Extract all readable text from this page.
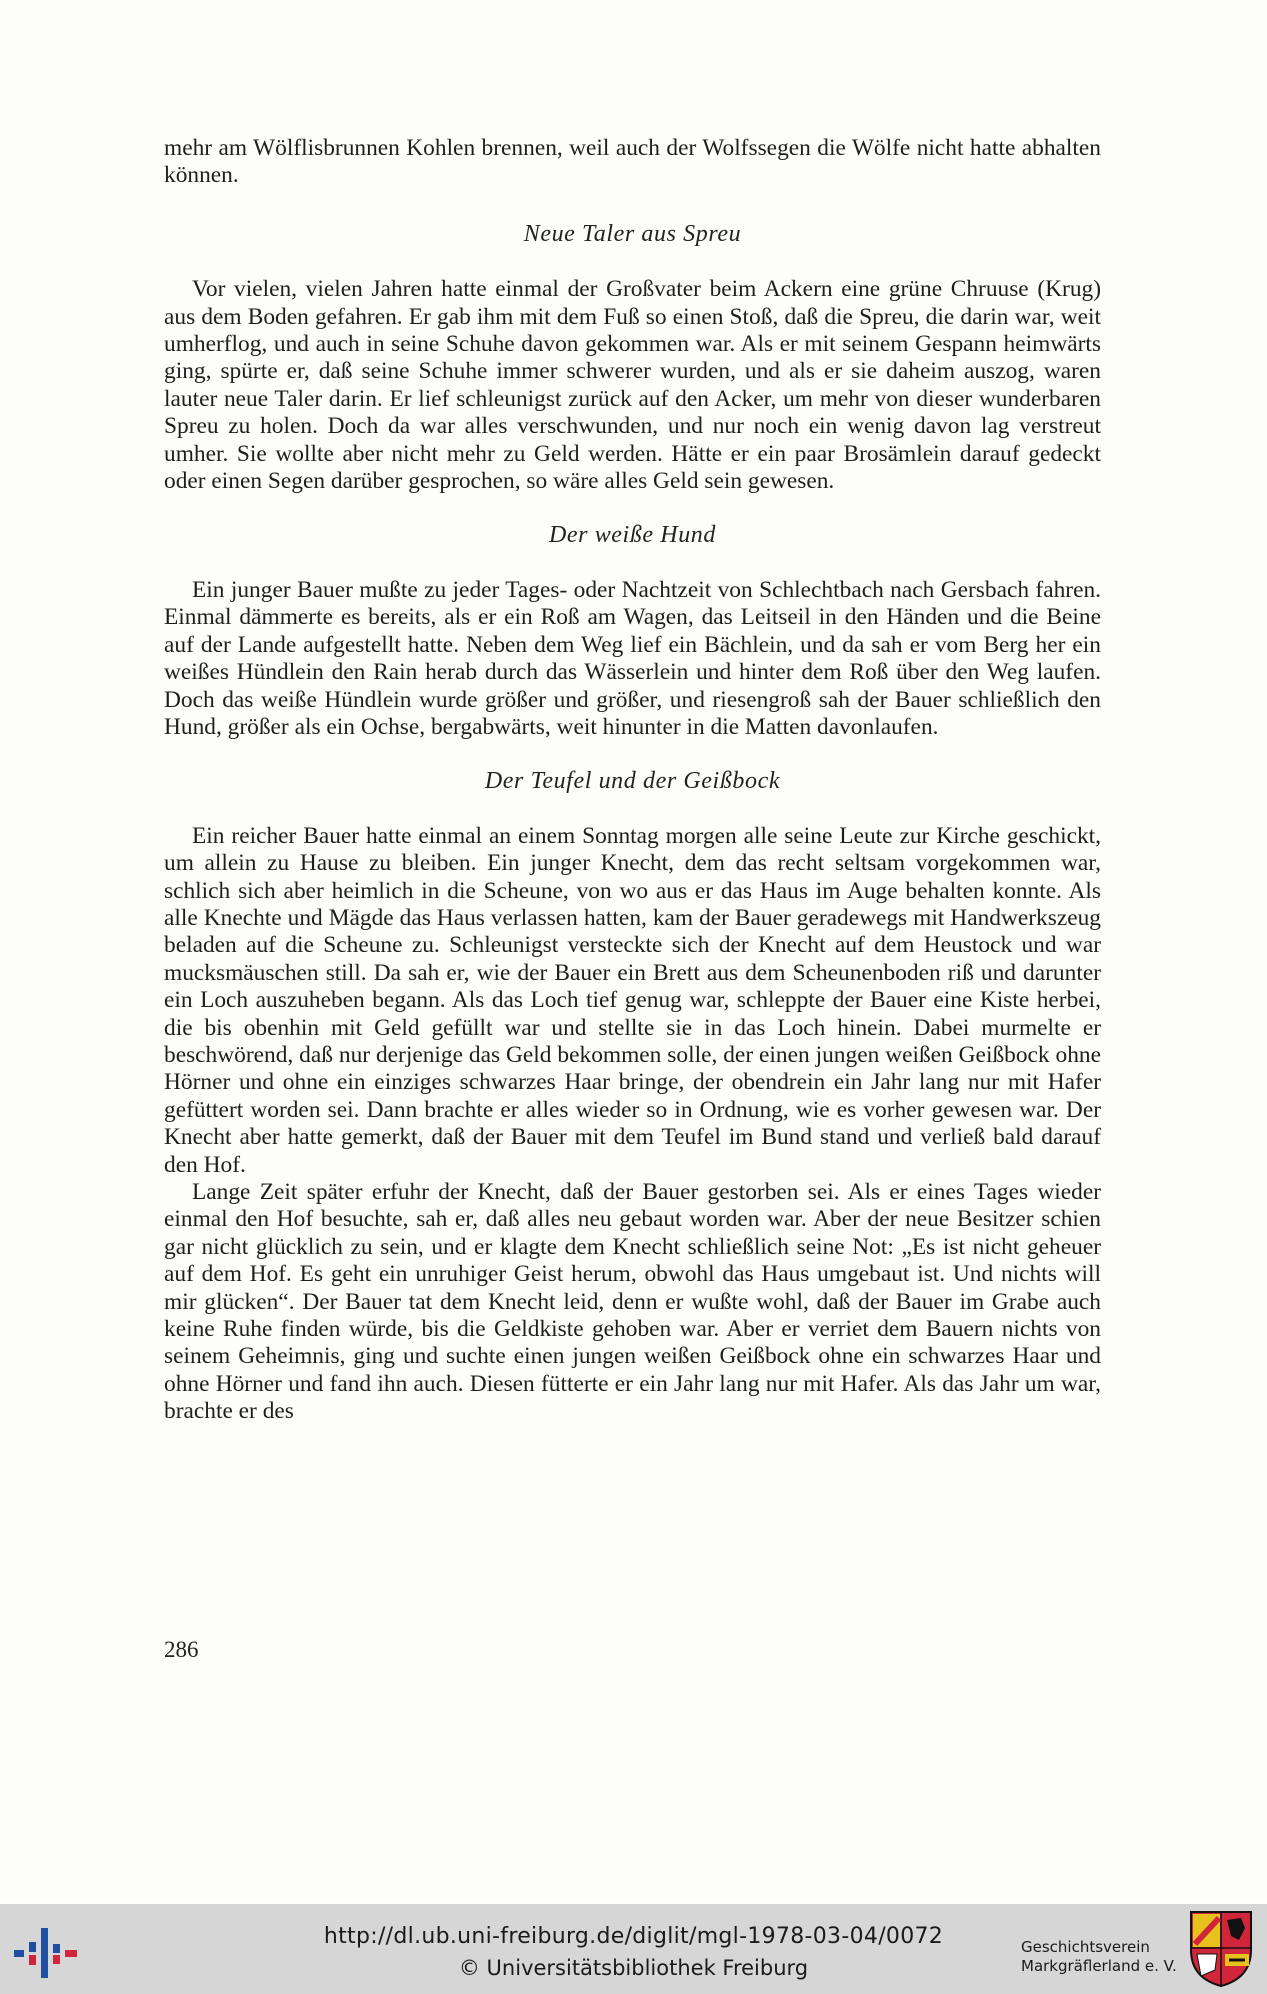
mehr am Wölflisbrunnen Kohlen brennen, weil auch der Wolfssegen die Wölfe nicht hatte abhalten können.

Neue Taler aus Spreu

Vor vielen, vielen Jahren hatte einmal der Großvater beim Ackern eine grüne Chruuse (Krug) aus dem Boden gefahren. Er gab ihm mit dem Fuß so einen Stoß, daß die Spreu, die darin war, weit umherflog, und auch in seine Schuhe davon gekommen war. Als er mit seinem Gespann heimwärts ging, spürte er, daß seine Schuhe immer schwerer wurden, und als er sie daheim auszog, waren lauter neue Taler darin. Er lief schleunigst zurück auf den Acker, um mehr von dieser wunderbaren Spreu zu holen. Doch da war alles verschwunden, und nur noch ein wenig davon lag verstreut umher. Sie wollte aber nicht mehr zu Geld werden. Hätte er ein paar Brosämlein darauf gedeckt oder einen Segen darüber gesprochen, so wäre alles Geld sein gewesen.

Der weiße Hund

Ein junger Bauer mußte zu jeder Tages- oder Nachtzeit von Schlechtbach nach Gersbach fahren. Einmal dämmerte es bereits, als er ein Roß am Wagen, das Leitseil in den Händen und die Beine auf der Lande aufgestellt hatte. Neben dem Weg lief ein Bächlein, und da sah er vom Berg her ein weißes Hündlein den Rain herab durch das Wässerlein und hinter dem Roß über den Weg laufen. Doch das weiße Hündlein wurde größer und größer, und riesengroß sah der Bauer schließlich den Hund, größer als ein Ochse, bergabwärts, weit hinunter in die Matten davonlaufen.

Der Teufel und der Geißbock

Ein reicher Bauer hatte einmal an einem Sonntag morgen alle seine Leute zur Kirche geschickt, um allein zu Hause zu bleiben. Ein junger Knecht, dem das recht seltsam vorgekommen war, schlich sich aber heimlich in die Scheune, von wo aus er das Haus im Auge behalten konnte. Als alle Knechte und Mägde das Haus verlassen hatten, kam der Bauer geradewegs mit Handwerkszeug beladen auf die Scheune zu. Schleunigst versteckte sich der Knecht auf dem Heustock und war mucksmäuschen still. Da sah er, wie der Bauer ein Brett aus dem Scheunenboden riß und darunter ein Loch auszuheben begann. Als das Loch tief genug war, schleppte der Bauer eine Kiste herbei, die bis obenhin mit Geld gefüllt war und stellte sie in das Loch hinein. Dabei murmelte er beschwörend, daß nur derjenige das Geld bekommen solle, der einen jungen weißen Geißbock ohne Hörner und ohne ein einziges schwarzes Haar bringe, der obendrein ein Jahr lang nur mit Hafer gefüttert worden sei. Dann brachte er alles wieder so in Ordnung, wie es vorher gewesen war. Der Knecht aber hatte gemerkt, daß der Bauer mit dem Teufel im Bund stand und verließ bald darauf den Hof.

Lange Zeit später erfuhr der Knecht, daß der Bauer gestorben sei. Als er eines Tages wieder einmal den Hof besuchte, sah er, daß alles neu gebaut worden war. Aber der neue Besitzer schien gar nicht glücklich zu sein, und er klagte dem Knecht schließlich seine Not: „Es ist nicht geheuer auf dem Hof. Es geht ein unruhiger Geist herum, obwohl das Haus umgebaut ist. Und nichts will mir glücken“. Der Bauer tat dem Knecht leid, denn er wußte wohl, daß der Bauer im Grabe auch keine Ruhe finden würde, bis die Geldkiste gehoben war. Aber er verriet dem Bauern nichts von seinem Geheimnis, ging und suchte einen jungen weißen Geißbock ohne ein schwarzes Haar und ohne Hörner und fand ihn auch. Diesen fütterte er ein Jahr lang nur mit Hafer. Als das Jahr um war, brachte er des

286
http://dl.ub.uni-freiburg.de/diglit/mgl-1978-03-04/0072
© Universitätsbibliothek Freiburg
Geschichtsverein
Markgräflerland e. V.
